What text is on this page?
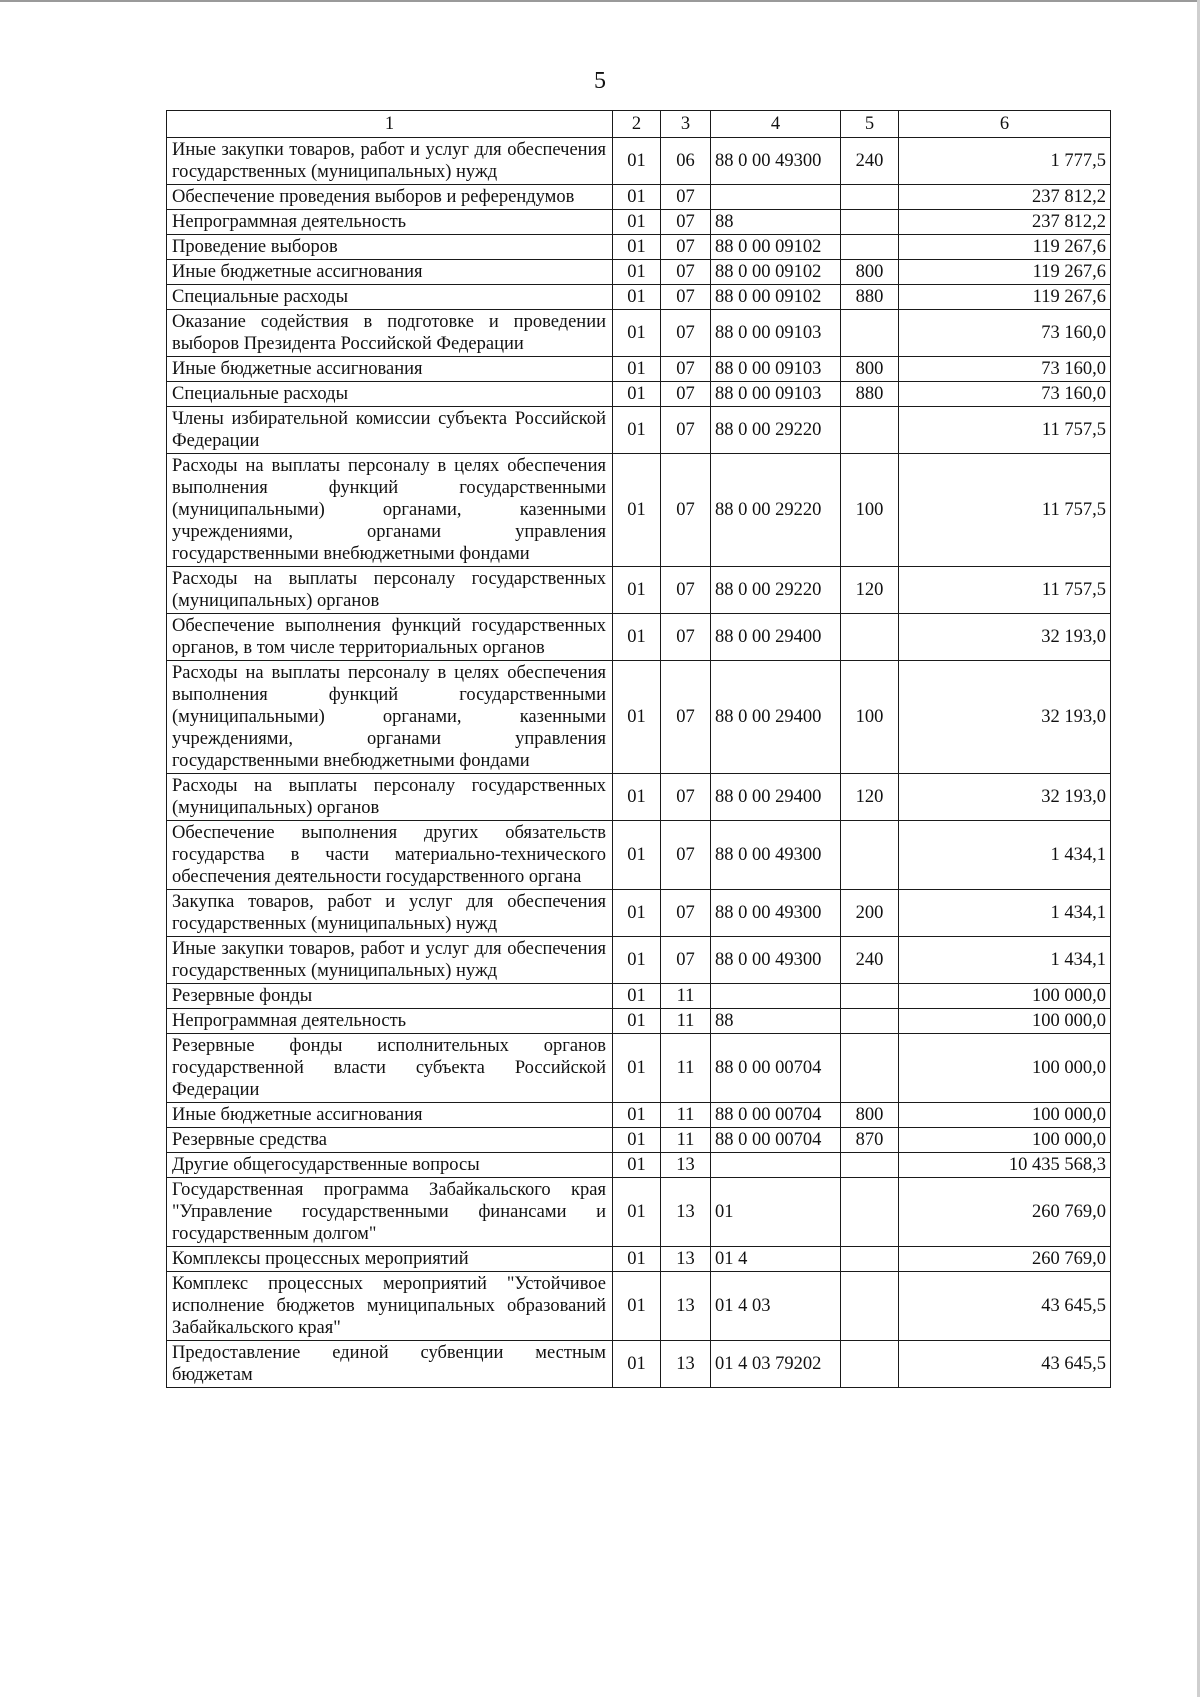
5
1	2	3	4	5	6
Иные закупки товаров, работ и услуг для обеспечения государственных (муниципальных) нужд	01	06	88 0 00 49300	240	1 777,5
Обеспечение проведения выборов и референдумов	01	07			237 812,2
Непрограммная деятельность	01	07	88		237 812,2
Проведение выборов	01	07	88 0 00 09102		119 267,6
Иные бюджетные ассигнования	01	07	88 0 00 09102	800	119 267,6
Специальные расходы	01	07	88 0 00 09102	880	119 267,6
Оказание содействия в подготовке и проведении выборов Президента Российской Федерации	01	07	88 0 00 09103		73 160,0
Иные бюджетные ассигнования	01	07	88 0 00 09103	800	73 160,0
Специальные расходы	01	07	88 0 00 09103	880	73 160,0
Члены избирательной комиссии субъекта Российской Федерации	01	07	88 0 00 29220		11 757,5
Расходы на выплаты персоналу в целях обеспечения выполнения функций государственными (муниципальными) органами, казенными учреждениями, органами управления государственными внебюджетными фондами	01	07	88 0 00 29220	100	11 757,5
Расходы на выплаты персоналу государственных (муниципальных) органов	01	07	88 0 00 29220	120	11 757,5
Обеспечение выполнения функций государственных органов, в том числе территориальных органов	01	07	88 0 00 29400		32 193,0
Расходы на выплаты персоналу в целях обеспечения выполнения функций государственными (муниципальными) органами, казенными учреждениями, органами управления государственными внебюджетными фондами	01	07	88 0 00 29400	100	32 193,0
Расходы на выплаты персоналу государственных (муниципальных) органов	01	07	88 0 00 29400	120	32 193,0
Обеспечение выполнения других обязательств государства в части материально-технического обеспечения деятельности государственного органа	01	07	88 0 00 49300		1 434,1
Закупка товаров, работ и услуг для обеспечения государственных (муниципальных) нужд	01	07	88 0 00 49300	200	1 434,1
Иные закупки товаров, работ и услуг для обеспечения государственных (муниципальных) нужд	01	07	88 0 00 49300	240	1 434,1
Резервные фонды	01	11			100 000,0
Непрограммная деятельность	01	11	88		100 000,0
Резервные фонды исполнительных органов государственной власти субъекта Российской Федерации	01	11	88 0 00 00704		100 000,0
Иные бюджетные ассигнования	01	11	88 0 00 00704	800	100 000,0
Резервные средства	01	11	88 0 00 00704	870	100 000,0
Другие общегосударственные вопросы	01	13			10 435 568,3
Государственная программа Забайкальского края "Управление государственными финансами и государственным долгом"	01	13	01		260 769,0
Комплексы процессных мероприятий	01	13	01 4		260 769,0
Комплекс процессных мероприятий "Устойчивое исполнение бюджетов муниципальных образований Забайкальского края"	01	13	01 4 03		43 645,5
Предоставление единой субвенции местным бюджетам	01	13	01 4 03 79202		43 645,5
